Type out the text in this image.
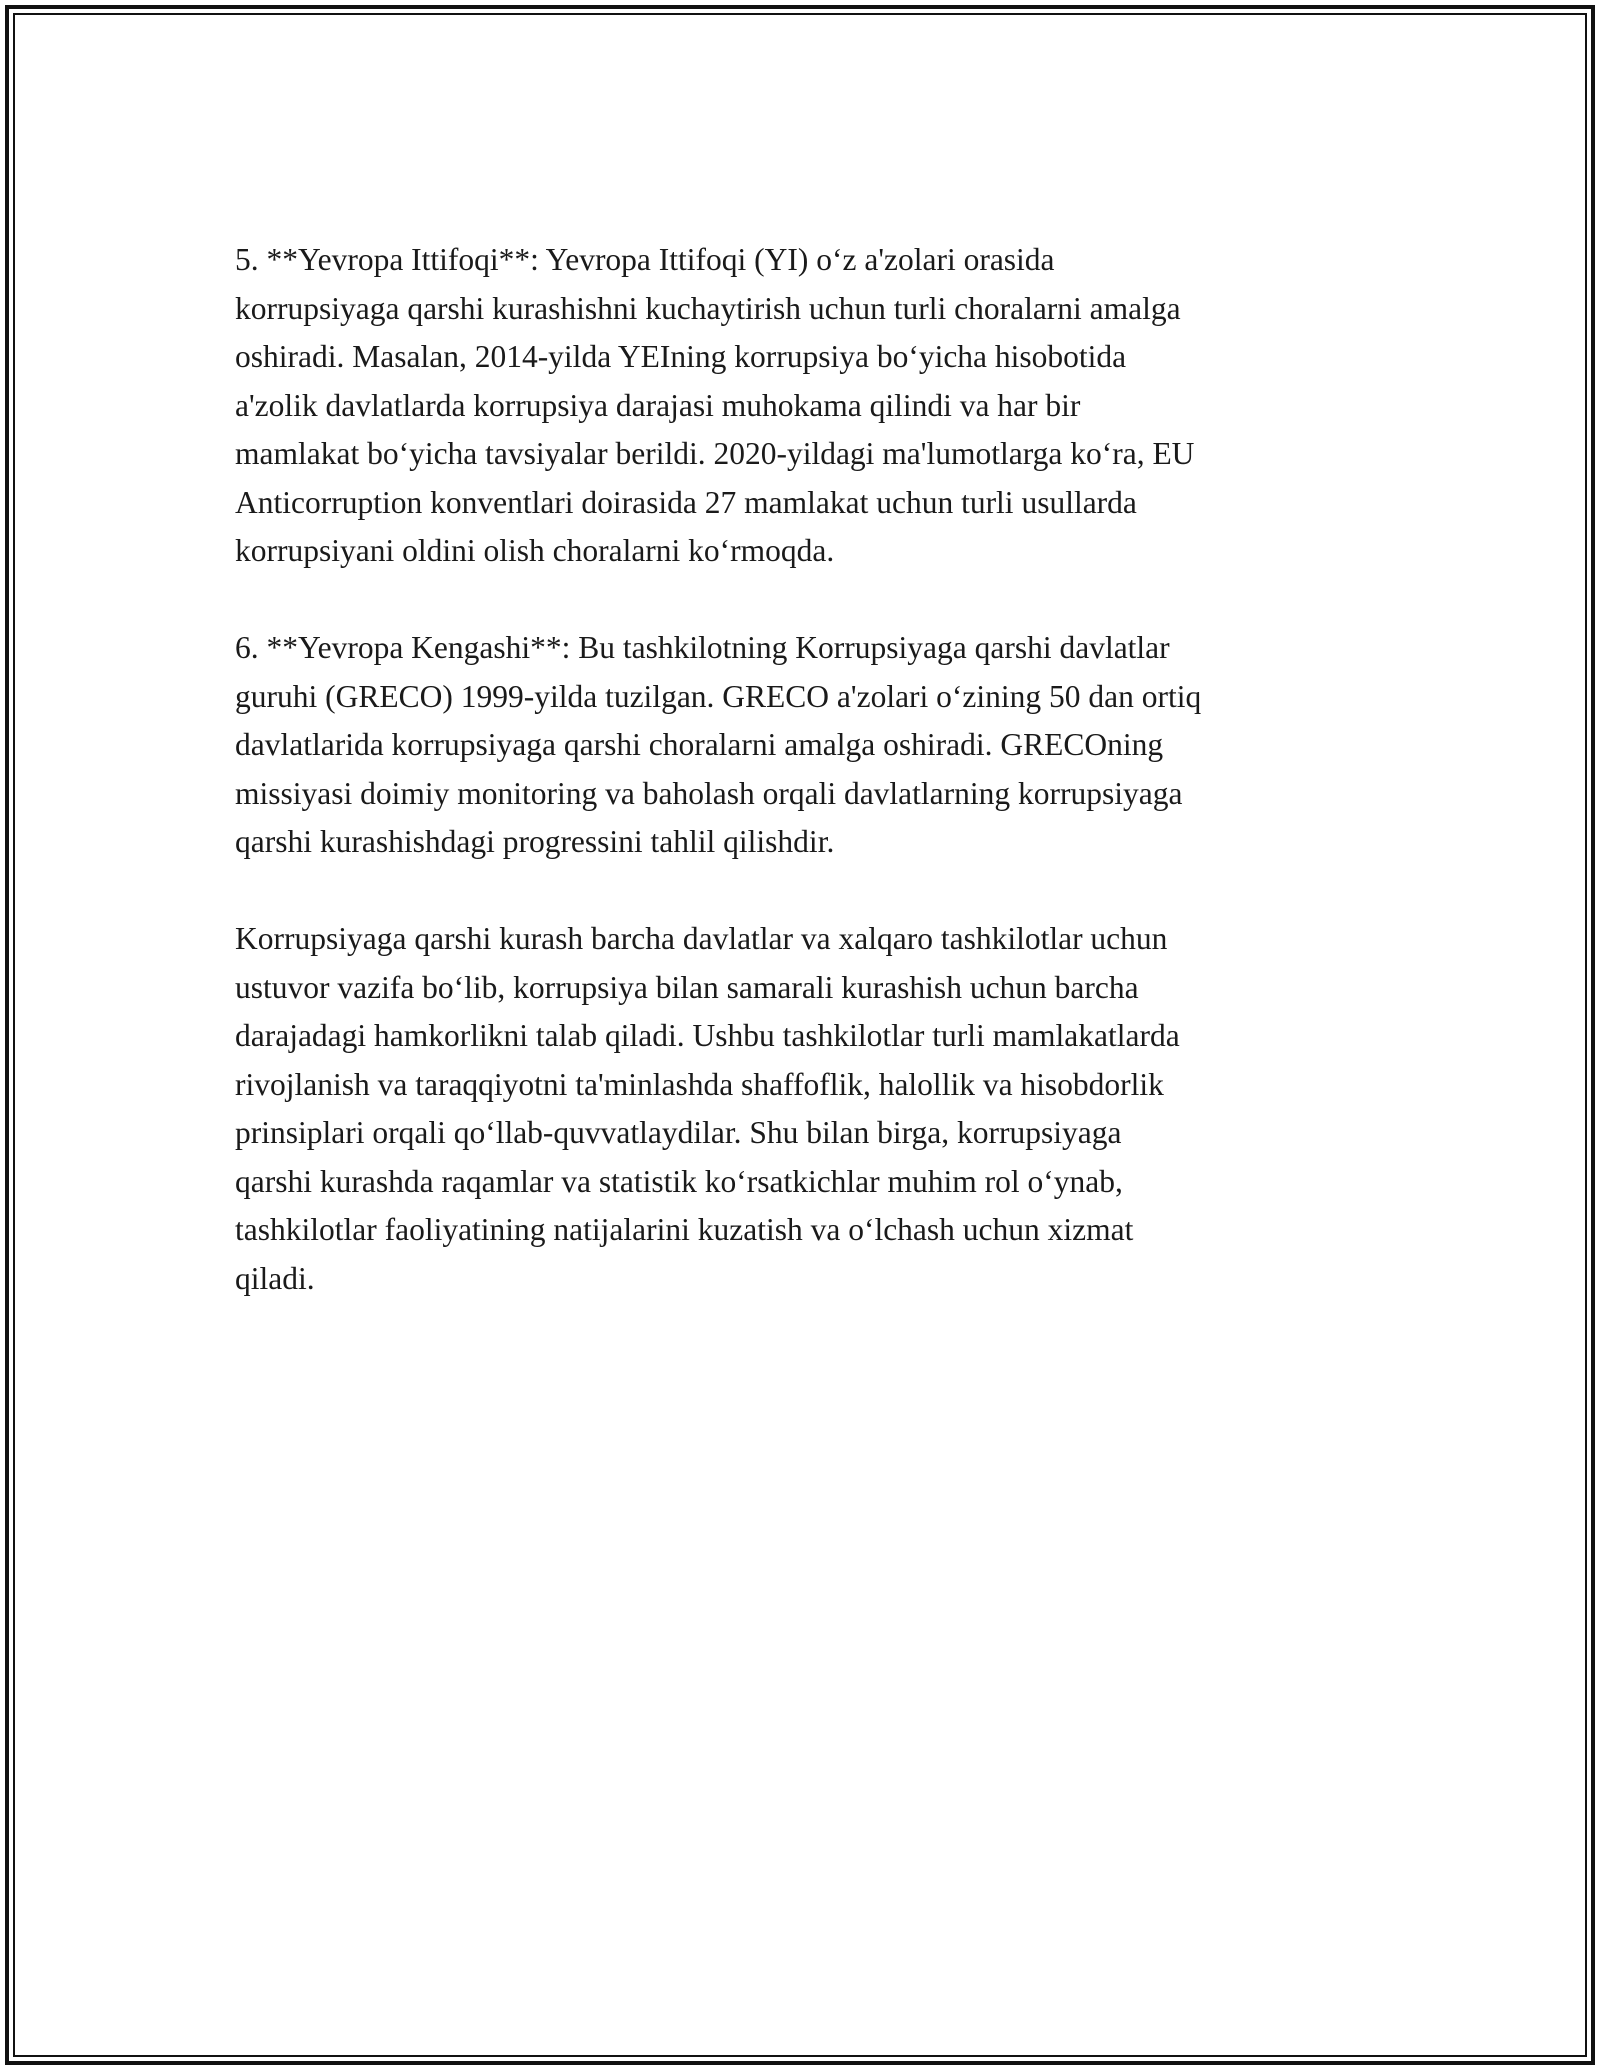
5. **Yevropa Ittifoqi**: Yevropa Ittifoqi (YI) o‘z a'zolari orasida
korrupsiyaga qarshi kurashishni kuchaytirish uchun turli choralarni amalga
oshiradi. Masalan, 2014-yilda YEIning korrupsiya bo‘yicha hisobotida
a'zolik davlatlarda korrupsiya darajasi muhokama qilindi va har bir
mamlakat bo‘yicha tavsiyalar berildi. 2020-yildagi ma'lumotlarga ko‘ra, EU
Anticorruption konventlari doirasida 27 mamlakat uchun turli usullarda
korrupsiyani oldini olish choralarni ko‘rmoqda.

6. **Yevropa Kengashi**: Bu tashkilotning Korrupsiyaga qarshi davlatlar
guruhi (GRECO) 1999-yilda tuzilgan. GRECO a'zolari o‘zining 50 dan ortiq
davlatlarida korrupsiyaga qarshi choralarni amalga oshiradi. GRECOning
missiyasi doimiy monitoring va baholash orqali davlatlarning korrupsiyaga
qarshi kurashishdagi progressini tahlil qilishdir.

Korrupsiyaga qarshi kurash barcha davlatlar va xalqaro tashkilotlar uchun
ustuvor vazifa bo‘lib, korrupsiya bilan samarali kurashish uchun barcha
darajadagi hamkorlikni talab qiladi. Ushbu tashkilotlar turli mamlakatlarda
rivojlanish va taraqqiyotni ta'minlashda shaffoflik, halollik va hisobdorlik
prinsiplari orqali qo‘llab-quvvatlaydilar. Shu bilan birga, korrupsiyaga
qarshi kurashda raqamlar va statistik ko‘rsatkichlar muhim rol o‘ynab,
tashkilotlar faoliyatining natijalarini kuzatish va o‘lchash uchun xizmat
qiladi.
